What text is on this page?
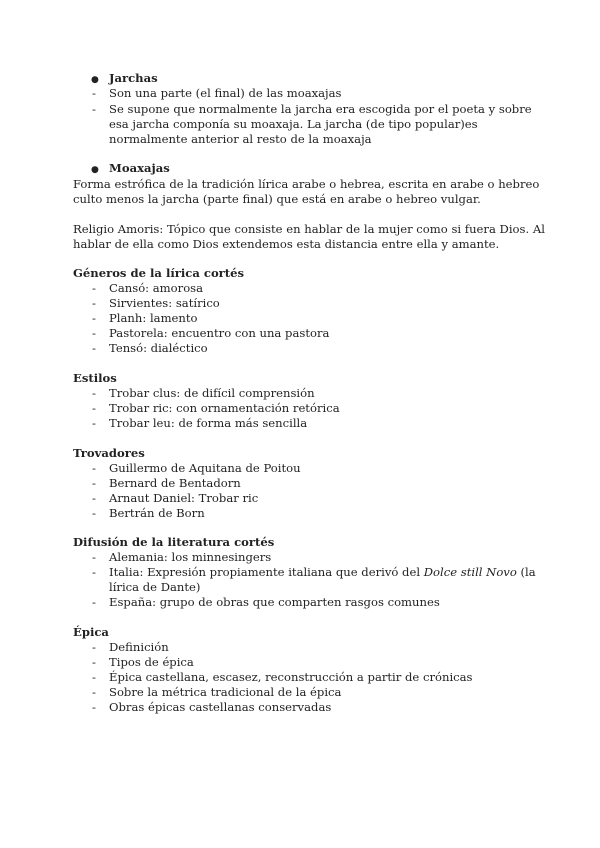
● Jarchas
- Son una parte (el final) de las moaxajas
- Se supone que normalmente la jarcha era escogida por el poeta y sobre
esa jarcha componía su moaxaja. La jarcha (de tipo popular)es
normalmente anterior al resto de la moaxaja
● Moaxajas
Forma estrófica de la tradición lírica arabe o hebrea, escrita en arabe o hebreo
culto menos la jarcha (parte final) que está en arabe o hebreo vulgar.
Religio Amoris: Tópico que consiste en hablar de la mujer como si fuera Dios. Al
hablar de ella como Dios extendemos esta distancia entre ella y amante.
Géneros de la lírica cortés
- Cansó: amorosa
- Sirvientes: satírico
- Planh: lamento
- Pastorela: encuentro con una pastora
- Tensó: dialéctico
Estilos
- Trobar clus: de difícil comprensión
- Trobar ric: con ornamentación retórica
- Trobar leu: de forma más sencilla
Trovadores
- Guillermo de Aquitana de Poitou
- Bernard de Bentadorn
- Arnaut Daniel: Trobar ric
- Bertrán de Born
Difusión de la literatura cortés
- Alemania: los minnesingers
- Italia: Expresión propiamente italiana que derivó del Dolce still Novo (la
lírica de Dante)
- España: grupo de obras que comparten rasgos comunes
Épica
- Definición
- Tipos de épica
- Épica castellana, escasez, reconstrucción a partir de crónicas
- Sobre la métrica tradicional de la épica
- Obras épicas castellanas conservadas
